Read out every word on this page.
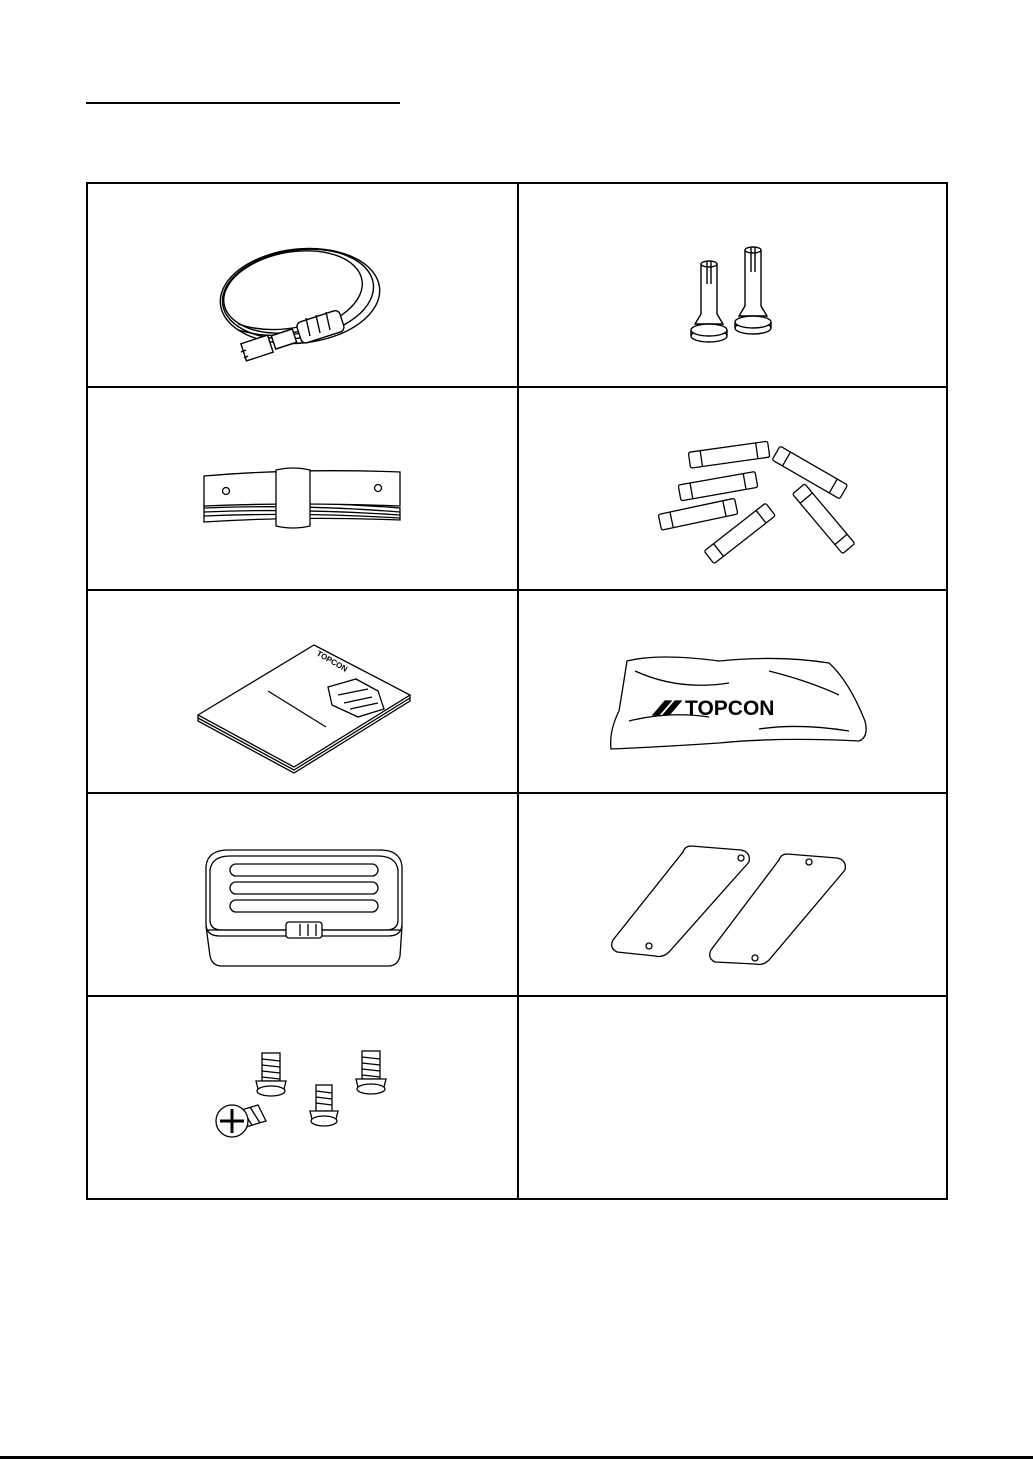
TOPCON
TOPCON
